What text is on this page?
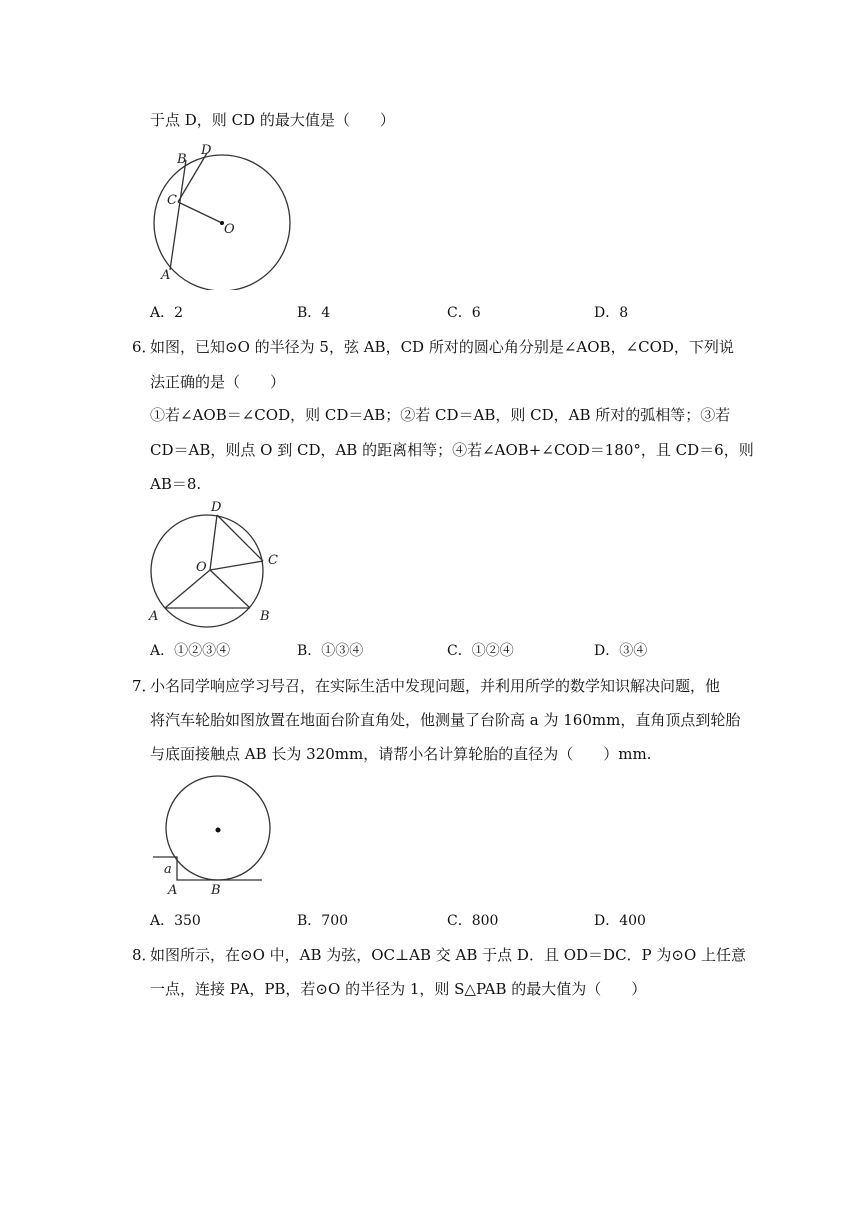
于点 D，则 CD 的最大值是（　　）
B
D
C
O
A
A．2	B．4	C．6	D．8
6．
如图，已知⊙O 的半径为 5，弦 AB，CD 所对的圆心角分别是∠AOB，∠COD，下列说
法正确的是（　　）
①若∠AOB＝∠COD，则 CD＝AB；②若 CD＝AB，则 CD，AB 所对的弧相等；③若
CD＝AB，则点 O 到 CD，AB 的距离相等；④若∠AOB+∠COD＝180°，且 CD＝6，则
AB＝8.
D
O	C
A	B
A．①②③④	B．①③④	C．①②④	D．③④
7．
小名同学响应学习号召，在实际生活中发现问题，并利用所学的数学知识解决问题，他
将汽车轮胎如图放置在地面台阶直角处，他测量了台阶高 a 为 160mm，直角顶点到轮胎
与底面接触点 AB 长为 320mm，请帮小名计算轮胎的直径为（　　）mm.
a
A	B
A．350	B．700	C．800	D．400
8．
如图所示，在⊙O 中，AB 为弦，OC⊥AB 交 AB 于点 D．且 OD＝DC．P 为⊙O 上任意
一点，连接 PA，PB，若⊙O 的半径为 1，则 S△PAB 的最大值为（　　）
